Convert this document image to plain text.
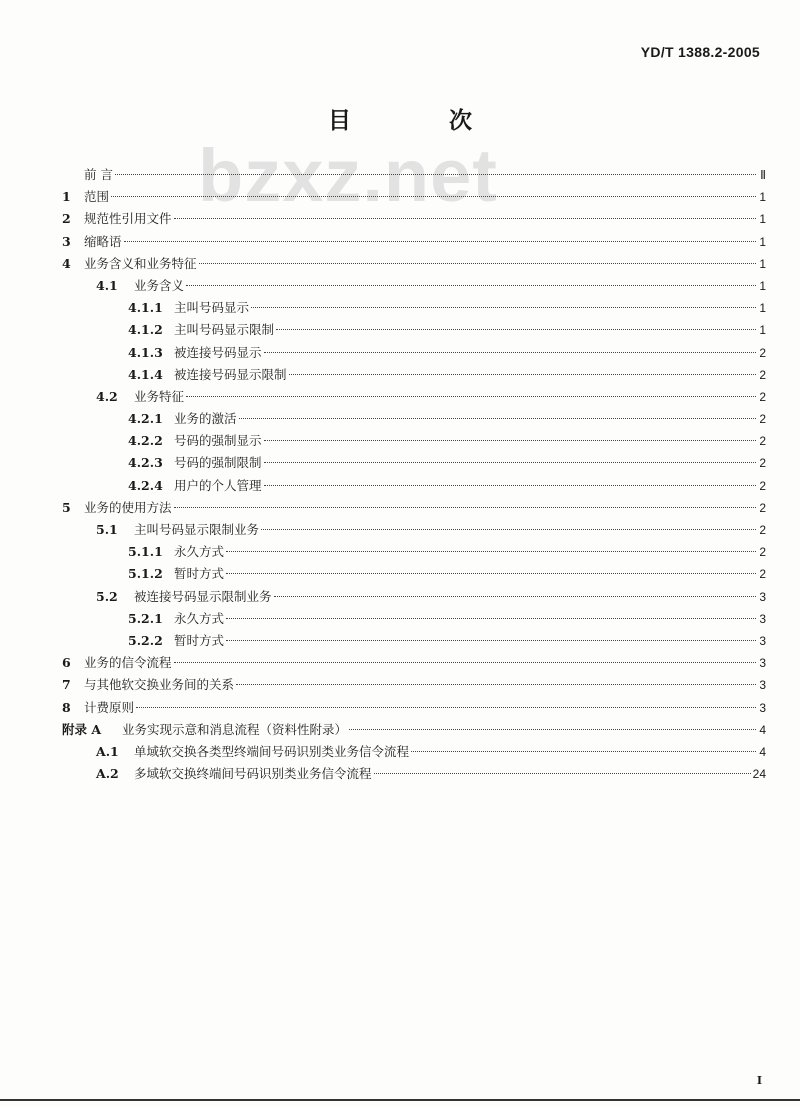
YD/T 1388.2-2005
bzxz.net
目 次
前 言	Ⅱ
1	范围	1
2	规范性引用文件	1
3	缩略语	1
4	业务含义和业务特征	1
4.1	业务含义	1
4.1.1 主叫号码显示	1
4.1.2 主叫号码显示限制	1
4.1.3 被连接号码显示	2
4.1.4 被连接号码显示限制	2
4.2	业务特征	2
4.2.1 业务的激活	2
4.2.2 号码的强制显示	2
4.2.3 号码的强制限制	2
4.2.4 用户的个人管理	2
5	业务的使用方法	2
5.1	主叫号码显示限制业务	2
5.1.1 永久方式	2
5.1.2 暂时方式	2
5.2	被连接号码显示限制业务	3
5.2.1 永久方式	3
5.2.2 暂时方式	3
6	业务的信令流程	3
7	与其他软交换业务间的关系	3
8	计费原则	3
附录 A	业务实现示意和消息流程（资料性附录）	4
A.1	单域软交换各类型终端间号码识别类业务信令流程	4
A.2	多域软交换终端间号码识别类业务信令流程	24
I
